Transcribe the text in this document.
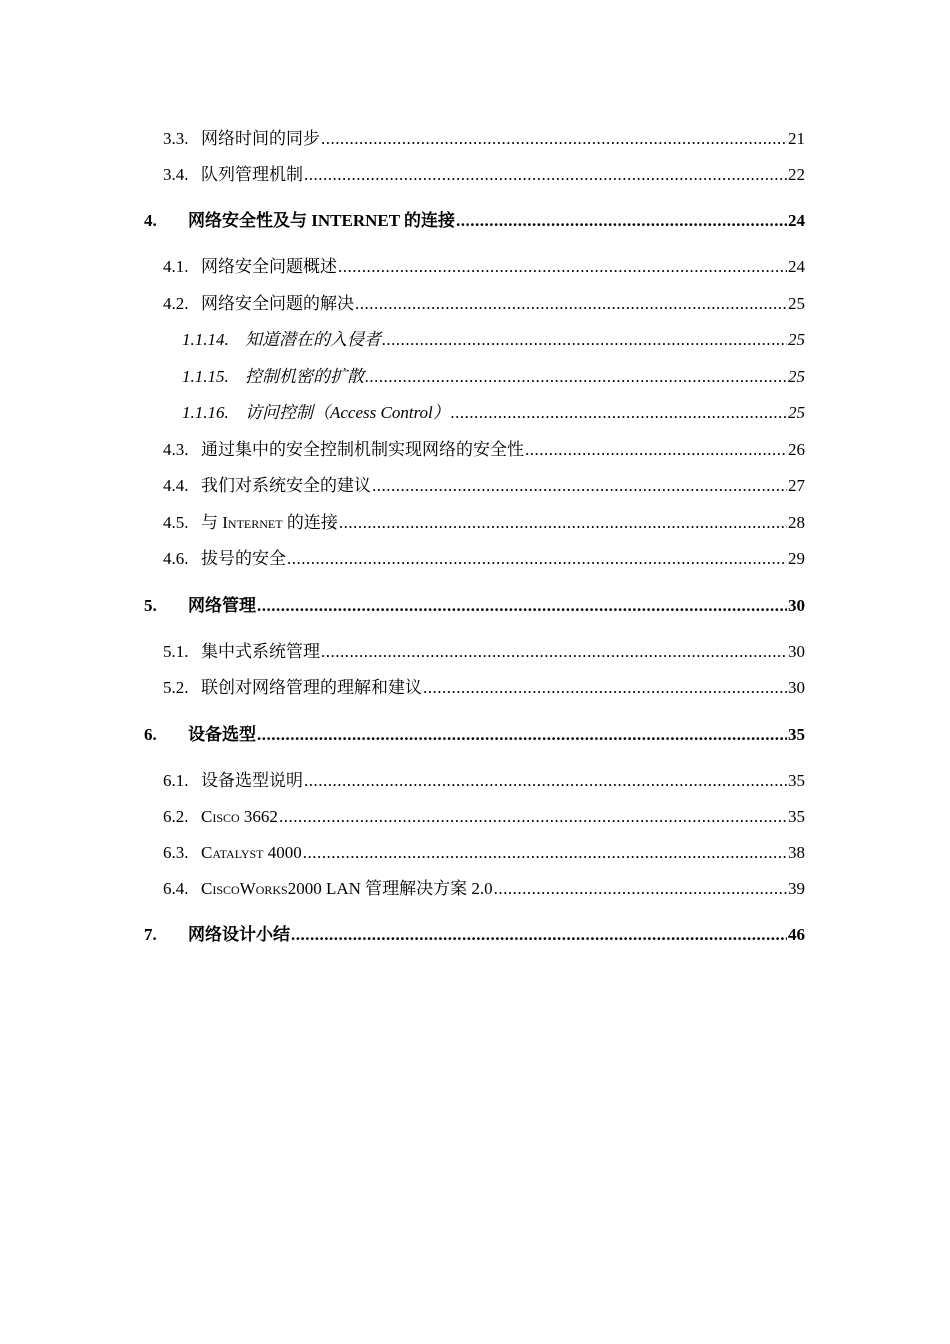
3.3. 网络时间的同步 .....	21
3.4. 队列管理机制 .....	22
4.	网络安全性及与 INTERNET 的连接 .....	24
4.1. 网络安全问题概述 .....	24
4.2. 网络安全问题的解决 .....	25
1.1.14. 知道潜在的入侵者 .....	25
1.1.15. 控制机密的扩散 .....	25
1.1.16. 访问控制（Access Control） .....	25
4.3. 通过集中的安全控制机制实现网络的安全性 .....	26
4.4. 我们对系统安全的建议 .....	27
4.5. 与 Internet 的连接 .....	28
4.6. 拔号的安全 .....	29
5.	网络管理 .....	30
5.1. 集中式系统管理 .....	30
5.2. 联创对网络管理的理解和建议 .....	30
6.	设备选型 .....	35
6.1. 设备选型说明 .....	35
6.2. Cisco 3662 .....	35
6.3. Catalyst 4000 .....	38
6.4. CiscoWorks2000 LAN 管理解决方案 2.0 .....	39
7.	网络设计小结 .....	46
